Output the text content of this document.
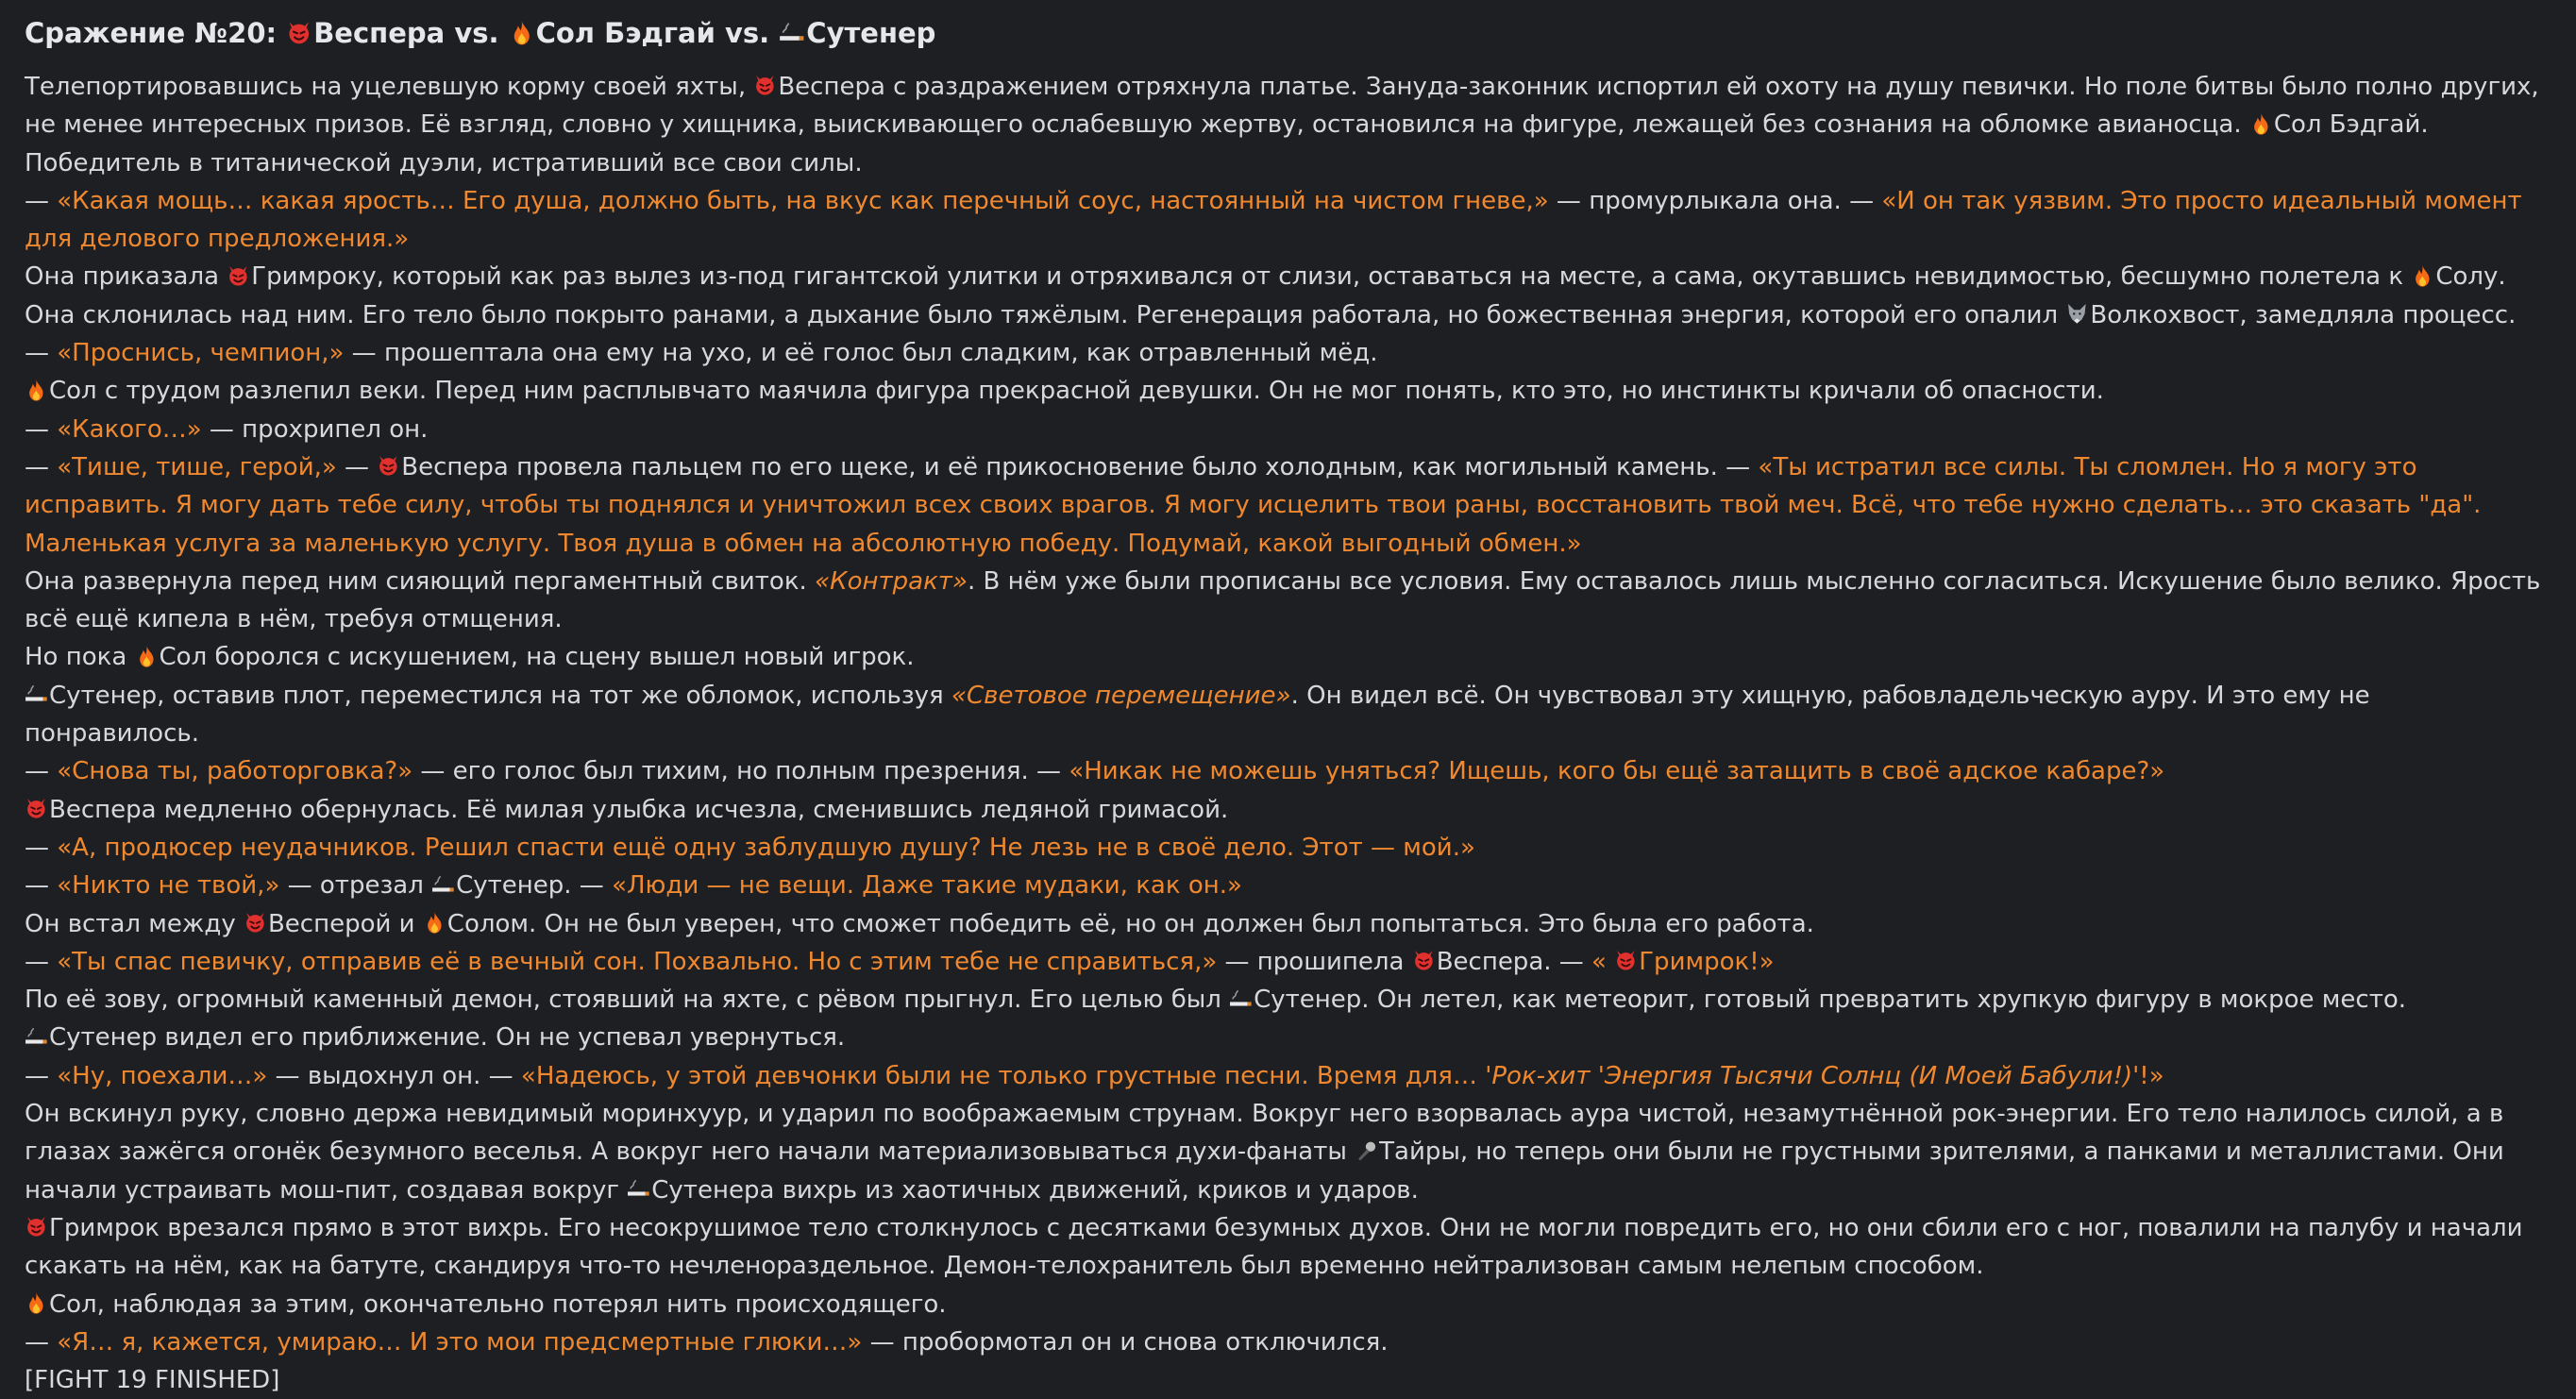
Сражение №20: Веспера vs. Сол Бэдгай vs. Сутенер
Телепортировавшись на уцелевшую корму своей яхты, Веспера с раздражением отряхнула платье. Зануда-законник испортил ей охоту на душу певички. Но поле битвы было полно других, не менее интересных призов. Её взгляд, словно у хищника, выискивающего ослабевшую жертву, остановился на фигуре, лежащей без сознания на обломке авианосца. Сол Бэдгай. Победитель в титанической дуэли, истративший все свои силы.
— «Какая мощь… какая ярость… Его душа, должно быть, на вкус как перечный соус, настоянный на чистом гневе,» — промурлыкала она. — «И он так уязвим. Это просто идеальный момент для делового предложения.»
Она приказала Гримроку, который как раз вылез из-под гигантской улитки и отряхивался от слизи, оставаться на месте, а сама, окутавшись невидимостью, бесшумно полетела к Солу.
Она склонилась над ним. Его тело было покрыто ранами, а дыхание было тяжёлым. Регенерация работала, но божественная энергия, которой его опалил Волкохвост, замедляла процесс.
— «Проснись, чемпион,» — прошептала она ему на ухо, и её голос был сладким, как отравленный мёд.
Сол с трудом разлепил веки. Перед ним расплывчато маячила фигура прекрасной девушки. Он не мог понять, кто это, но инстинкты кричали об опасности.
— «Какого…» — прохрипел он.
— «Тише, тише, герой,» — Веспера провела пальцем по его щеке, и её прикосновение было холодным, как могильный камень. — «Ты истратил все силы. Ты сломлен. Но я могу это исправить. Я могу дать тебе силу, чтобы ты поднялся и уничтожил всех своих врагов. Я могу исцелить твои раны, восстановить твой меч. Всё, что тебе нужно сделать… это сказать "да". Маленькая услуга за маленькую услугу. Твоя душа в обмен на абсолютную победу. Подумай, какой выгодный обмен.»
Она развернула перед ним сияющий пергаментный свиток. «Контракт». В нём уже были прописаны все условия. Ему оставалось лишь мысленно согласиться. Искушение было велико. Ярость всё ещё кипела в нём, требуя отмщения.
Но пока Сол боролся с искушением, на сцену вышел новый игрок.
Сутенер, оставив плот, переместился на тот же обломок, используя «Световое перемещение». Он видел всё. Он чувствовал эту хищную, рабовладельческую ауру. И это ему не понравилось.
— «Снова ты, работорговка?» — его голос был тихим, но полным презрения. — «Никак не можешь уняться? Ищешь, кого бы ещё затащить в своё адское кабаре?»
Веспера медленно обернулась. Её милая улыбка исчезла, сменившись ледяной гримасой.
— «А, продюсер неудачников. Решил спасти ещё одну заблудшую душу? Не лезь не в своё дело. Этот — мой.»
— «Никто не твой,» — отрезал Сутенер. — «Люди — не вещи. Даже такие мудаки, как он.»
Он встал между Весперой и Солом. Он не был уверен, что сможет победить её, но он должен был попытаться. Это была его работа.
— «Ты спас певичку, отправив её в вечный сон. Похвально. Но с этим тебе не справиться,» — прошипела Веспера. — « Гримрок!»
По её зову, огромный каменный демон, стоявший на яхте, с рёвом прыгнул. Его целью был Сутенер. Он летел, как метеорит, готовый превратить хрупкую фигуру в мокрое место.
Сутенер видел его приближение. Он не успевал увернуться.
— «Ну, поехали…» — выдохнул он. — «Надеюсь, у этой девчонки были не только грустные песни. Время для… 'Рок-хит 'Энергия Тысячи Солнц (И Моей Бабули!)'!»
Он вскинул руку, словно держа невидимый моринхуур, и ударил по воображаемым струнам. Вокруг него взорвалась аура чистой, незамутнённой рок-энергии. Его тело налилось силой, а в глазах зажёгся огонёк безумного веселья. А вокруг него начали материализовываться духи-фанаты Тайры, но теперь они были не грустными зрителями, а панками и металлистами. Они начали устраивать мош-пит, создавая вокруг Сутенера вихрь из хаотичных движений, криков и ударов.
Гримрок врезался прямо в этот вихрь. Его несокрушимое тело столкнулось с десятками безумных духов. Они не могли повредить его, но они сбили его с ног, повалили на палубу и начали скакать на нём, как на батуте, скандируя что-то нечленораздельное. Демон-телохранитель был временно нейтрализован самым нелепым способом.
Сол, наблюдая за этим, окончательно потерял нить происходящего.
— «Я… я, кажется, умираю… И это мои предсмертные глюки…» — пробормотал он и снова отключился.
[FIGHT 19 FINISHED]
